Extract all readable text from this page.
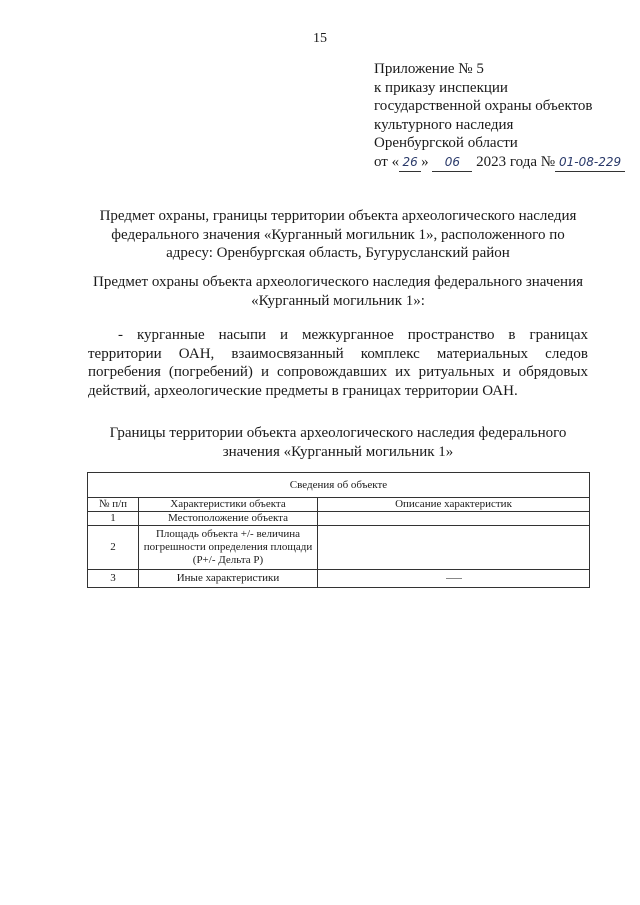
15
Приложение № 5
к приказу инспекции
государственной охраны объектов
культурного наследия
Оренбургской области
от « 26 » 06 2023 года № 01-08-229
Предмет охраны, границы территории объекта археологического наследия федерального значения «Курганный могильник 1», расположенного по адресу: Оренбургская область, Бугурусланский район
Предмет охраны объекта археологического наследия федерального значения «Курганный могильник 1»:
- курганные насыпи и межкурганное пространство в границах территории ОАН, взаимосвязанный комплекс материальных следов погребения (погребений) и сопровождавших их ритуальных и обрядовых действий, археологические предметы в границах территории ОАН.
Границы территории объекта археологического наследия федерального значения «Курганный могильник 1»
Сведения об объекте		
№ п/п	Характеристики объекта	Описание характеристик
1	Местоположение объекта	
2	Площадь объекта +/- величина погрешности определения площади (P+/- Дельта P)	
3	Иные характеристики	
